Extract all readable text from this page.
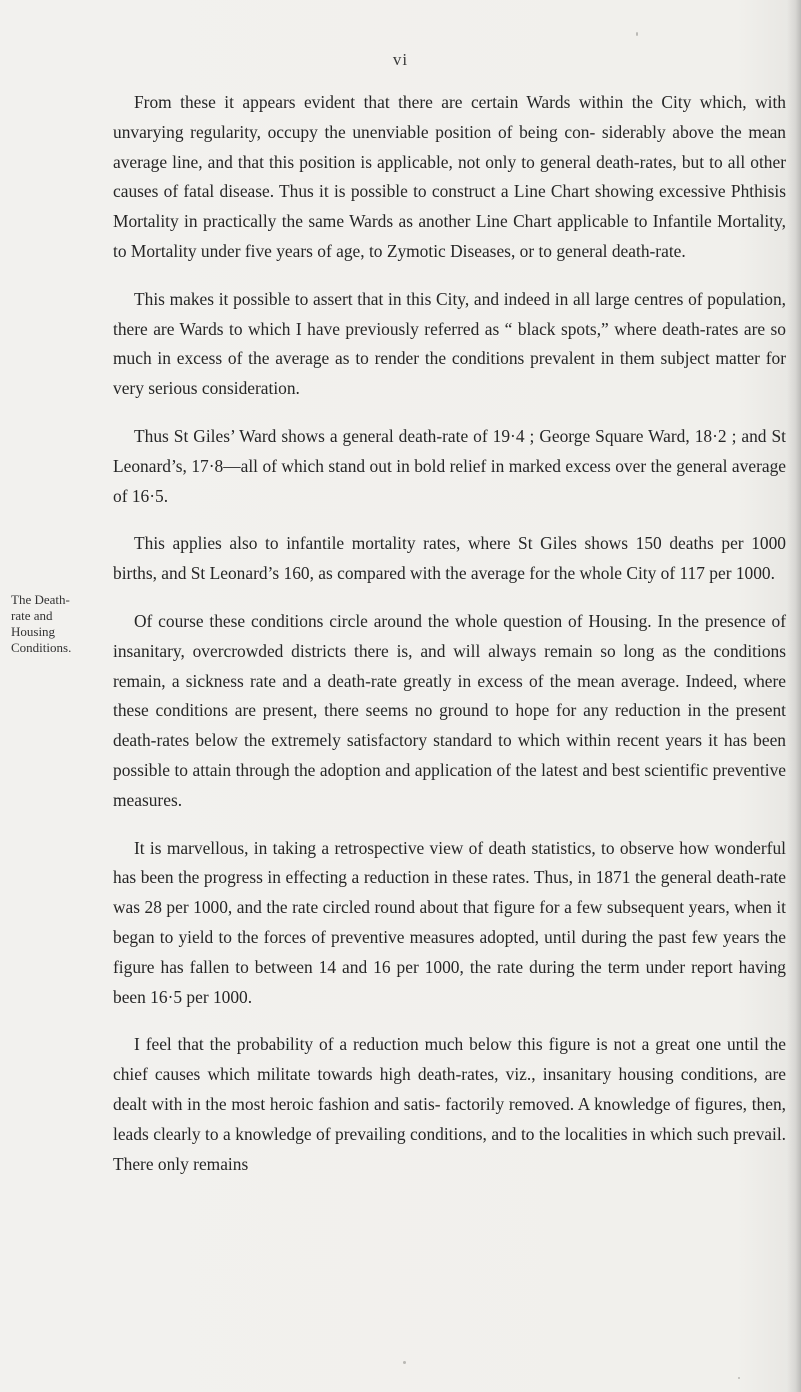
vi
The Death-
rate and
Housing
Conditions.

From these it appears evident that there are certain Wards within the City which, with unvarying regularity, occupy the unenviable position of being con- siderably above the mean average line, and that this position is applicable, not only to general death-rates, but to all other causes of fatal disease. Thus it is possible to construct a Line Chart showing excessive Phthisis Mortality in practically the same Wards as another Line Chart applicable to Infantile Mortality, to Mortality under five years of age, to Zymotic Diseases, or to general death-rate.

This makes it possible to assert that in this City, and indeed in all large centres of population, there are Wards to which I have previously referred as “ black spots,” where death-rates are so much in excess of the average as to render the conditions prevalent in them subject matter for very serious consideration.

Thus St Giles’ Ward shows a general death-rate of 19·4 ; George Square Ward, 18·2 ; and St Leonard’s, 17·8—all of which stand out in bold relief in marked excess over the general average of 16·5.

This applies also to infantile mortality rates, where St Giles shows 150 deaths per 1000 births, and St Leonard’s 160, as compared with the average for the whole City of 117 per 1000.

Of course these conditions circle around the whole question of Housing. In the presence of insanitary, overcrowded districts there is, and will always remain so long as the conditions remain, a sickness rate and a death-rate greatly in excess of the mean average. Indeed, where these conditions are present, there seems no ground to hope for any reduction in the present death-rates below the extremely satisfactory standard to which within recent years it has been possible to attain through the adoption and application of the latest and best scientific preventive measures.

It is marvellous, in taking a retrospective view of death statistics, to observe how wonderful has been the progress in effecting a reduction in these rates. Thus, in 1871 the general death-rate was 28 per 1000, and the rate circled round about that figure for a few subsequent years, when it began to yield to the forces of preventive measures adopted, until during the past few years the figure has fallen to between 14 and 16 per 1000, the rate during the term under report having been 16·5 per 1000.

I feel that the probability of a reduction much below this figure is not a great one until the chief causes which militate towards high death-rates, viz., insanitary housing conditions, are dealt with in the most heroic fashion and satis- factorily removed. A knowledge of figures, then, leads clearly to a knowledge of prevailing conditions, and to the localities in which such prevail. There only remains
